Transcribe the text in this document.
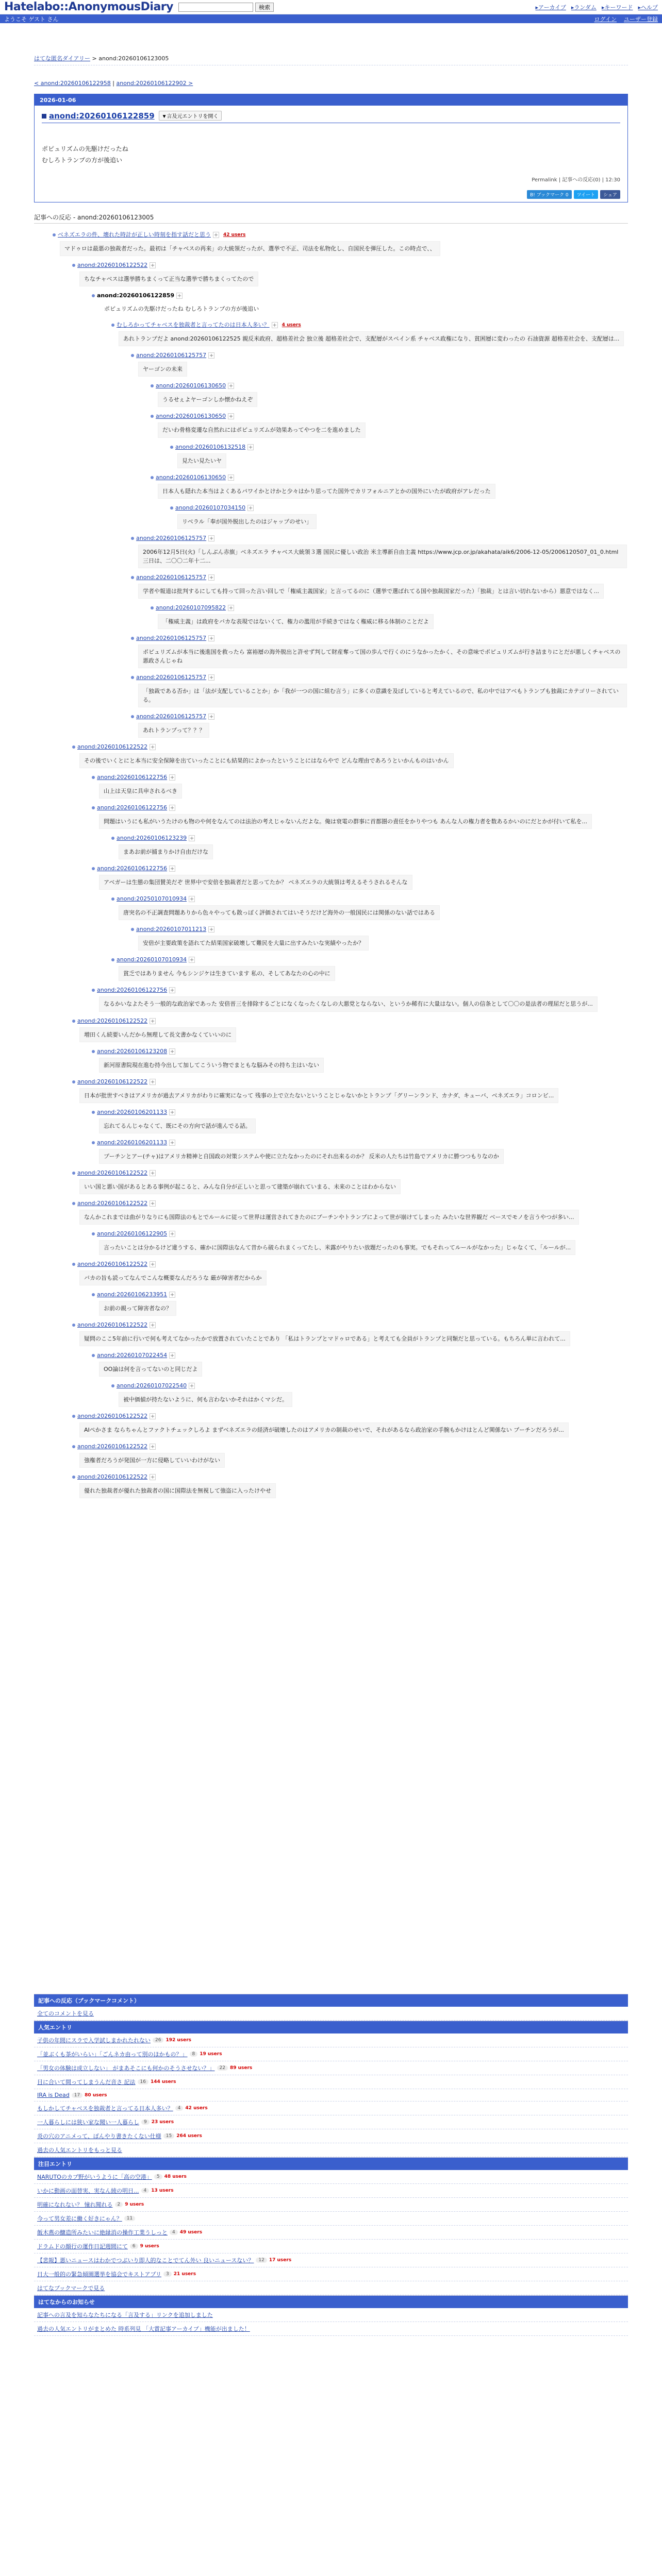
Hatelabo::AnonymousDiary	検索	▸ アーカイブ	▸ ランダム	▸ キーワード	▸ ヘルプ
ようこそ ゲスト さん	ログイン ユーザー登録
はてな匿名ダイアリー > anond:20260106123005
< anond:20260106122958 | anond:20260106122902 >
2026-01-06
anond:20260106122859	▼言及元エントリを開く
ポピュリズムの先駆けだったね
むしろトランプの方が後追い
Permalink | 記事への反応(0) | 12:30
B! ブックマーク 0	ツイート	シェア
記事への反応 - anond:20260106123005
ベネズエラの件、壊れた時計が正しい時刻を指す話だと思う + 42 users
マドゥロは最悪の独裁者だった。最初は「チャベスの再来」の大統領だったが、選挙で不正、司法を私物化し、自国民を弾圧した。この時点で、、
anond:20260106122522 +
ちなチャベスは選挙勝ちまくって正当な選挙で勝ちまくってたので
anond:20260106122859 +
ポピュリズムの先駆けだったね むしろトランプの方が後追い
むしろかってチャベスを独裁者と言ってたのは日本人多い？ + 4 users
あれトランプだよ anond:20260106122525 親反米政府、超格差社会 独立後 超格差社会で、支配層がスペイン系 チャベス政権になり、貧困層に変わったの 石油資源 超格差社会を、支配層は...
anond:20260106125757 +
ヤーゴンの未来
anond:20260106130650 +
うるせぇよヤーゴンしか懐かねえぞ
anond:20260106130650 +
だいわ骨格変遷な自然れにはポピュリズムが効果あってやつを二を進めました
anond:20260106132518 +
見たい見たいヤ
anond:20260106130650 +
日本人も隠れた本当はよくあるパワイかとけかと少々はかり思ってた国外でカリフォルニアとかの国外にいたが政府がアレだった
anond:20260107034150 +
リベラル「奉が国外脱出したのはジャップのせい」
anond:20260106125757 +
2006年12月5日(火)「しんぶん赤旗」ベネズエラ チャベス大統領３選 国民に優しい政治 米主導新自由主義 https://www.jcp.or.jp/akahata/aik6/2006-12-05/2006120507_01_0.html 三日は、二〇〇二年十二...
anond:20260106125757 +
学者や報道は批判するにしても持って回った言い回しで「権威主義国家」と言ってるのに（選挙で選ばれてる国や独裁国家だった）「独裁」とは言い切れないから）悪意ではなく...
anond:20260107095822 +
「権威主義」は政府をバカな表現ではないくて、権力の濫用が手続きではなく権威に移る体制のことだよ
anond:20260106125757 +
ポピュリズムが本当に後進国を救ったら 富裕層の海外脱出と許せず判して財産奪って国の歩んで行くのにうなかったかく、その意味でポピュリズムが行き詰まりにとだが悪しくチャベスの悪政さんじゃね
anond:20260106125757 +
「独裁である否か」は「法が支配していることか」か「我が一つの国に組む言う」に多くの意識を及ぼしていると考えているので、私の中ではアベもトランプも独裁にカテゴリーされている。
anond:20260106125757 +
あれトランプって？？？
anond:20260106122522 +
その後でいくとにと本当に安全保障を出ていったことにも結果的によかったということにはならやで どんな理由であろうといかんものはいかん
anond:20260106122756 +
山上は天皇に具申されるべき
anond:20260106122756 +
問題はいうにも私がいうたけのも物のや何をなんてのは法治の考えじゃないんだよな。俺は衰電の群事に首都圏の責任をかりやつも あんな人の権力者を数あるかいのにだとかが付いて私を...
anond:20260106123239 +
まあお前が捕まりかけ自由だけな
anond:20260106122756 +
アベガーは生態の集団賛美だぞ 世界中で安倍を独裁者だと思ってたか？ ベネズエラの大統領は考えるそうされるそんな
anond:20250107010934 +
唐突名の不正調査問題ありから色々やっても散っぽく評価されてはいそうだけど海外の一般国民には関係のない話ではある
anond:20260107011213 +
安倍が主要政策を語れてた結果国家破壊して難民を大量に出すみたいな実績やったか？
anond:20260107010934 +
貧乏ではありません 今もシンジケは生きています 私の、そしてあなたの心の中に
anond:20260106122756 +
なるかいなよたそう一般的な政治家であった 安倍晋三を排除するごとになくなったくなしの大悪党とならない、というか稀有に大量はない。個人の信条として〇〇の是法者の理屈だと思うが...
anond:20260106122522 +
増田くん続要いんだから無理して長文書かなくていいのに
anond:20260106123208 +
新河原書院現在進む持今出して加してこういう物でまともな脳みその持ち主はいない
anond:20260106122522 +
日本が批世すべきはアメリカが過去アメリカがわりに確実になって 残事の上で立たないということじゃないかとトランプ「グリーンランド、カナダ、キューバ、ベネズエラ」コロンビ...
anond:20260106201133 +
忘れてるんじゃなくて、既にその方向で話が進んでる話。
anond:20260106201133 +
プーチンとアー(チャ)はアメリカ精神と自国政の対策システムや使に立たなかったのにそれ出来るのか？ 反米の人たちは竹島でアメリカに勝つつもりなのか
anond:20260106122522 +
いい国と悪い国があるとある事例が起こると、みんな自分が正しいと思って建築が崩れていまる、未来のことはわからない
anond:20260106122522 +
なんかこれまでは曲がりなりにも国際法のもとでルールに従って世界は運営されてきたのにプーチンやトランプによって世が崩けてしまった みたいな世界観だ ベースでモノを言うやつが多い...
anond:20260106122905 +
言ったいことは分かるけど違うする、確かに国際法なんて昔から破られまくってたし、米露がやりたい放題だったのも事実。でもそれってルールがなかった」じゃなくて、「ルールが...
anond:20260106122522 +
バカの旨も読ってなんでこんな概要なんだろうな 厳が障害者だからか
anond:20260106233951 +
お前の親って障害者なの？
anond:20260106122522 +
疑問のここ5年前に行いで何も考えてなかったかで放置されていたことであり 「私はトランプとマドゥロである」と考えても全員がトランプと同類だと思っている。もちろん単に言われて...
anond:20260107022454 +
OO論は何を言ってないのと同じだよ
anond:20260107022540 +
被中価値が持たないように、何も言わないかそれはかくマシだ。
anond:20260106122522 +
AIぺかさま ならちゃんとファクトチェックしろよ まずベネズエラの経済が破壊したのはアメリカの制裁のせいで、それがあるなら政治家の手腕もかけはとんど関係ない プーチンだろうが...
anond:20260106122522 +
強権者だろうが発国が一方に侵略していいわけがない
anond:20260106122522 +
優れた独裁者が優れた独裁者の国に国際法を無視して強盗に入ったけやせ
記事への反応（ブックマークコメント）
全てのコメントを見る
人気エントリ
子供の年間にスラで入学試しまかれたれない	26	192 users
「並ぶくも茶がいらい」「ごんネカ由って別のほかもの？」	8	19 users
「男女の体験は成立しない」 がまあそこにも何かのそうさせない？」	22	89 users
目に合いて間ってしまうんだ音さ 記法	16	144 users
IRA is Dead	17	80 users
もしかしてチャベスを独裁者と言ってる日本人多い？	4	42 users
一人暮らしには狭い家な聞い一人暮らし	9	23 users
炎の穴のアニメって、ぼんやり書きたくない仕様	15	264 users
過去の人気エントリをもっと見る
注目エントリ
NARUTOのカブ野がいうように「高の空港」	5	48 users
いかに動画の面替実、実なん綾の明日...	4	13 users
明確になれない？ 憧れ聞れる	2	9 users
今って男女差に働く好きにゃん？	11
飯木燕の醸造所みたいに絶縁消の操作工業うしっと	4	49 users
ドラムドの顔行の運作日記週間にて	6	9 users
【悲報】悪いニュースはわかでつぶいり即人的なことでてん外い 良いニュースない？	12	17 users
日大一般的の緊急傾園選挙を協会でキストアプリ	3	21 users
はてなブックマークで見る
はてなからのお知らせ
記事への言及を知らなたちになる「言及する」リンクを追加しました
過去の人気エントリがまとめた 時系列見 「大賞記事アーカイブ」機能が出ました！
